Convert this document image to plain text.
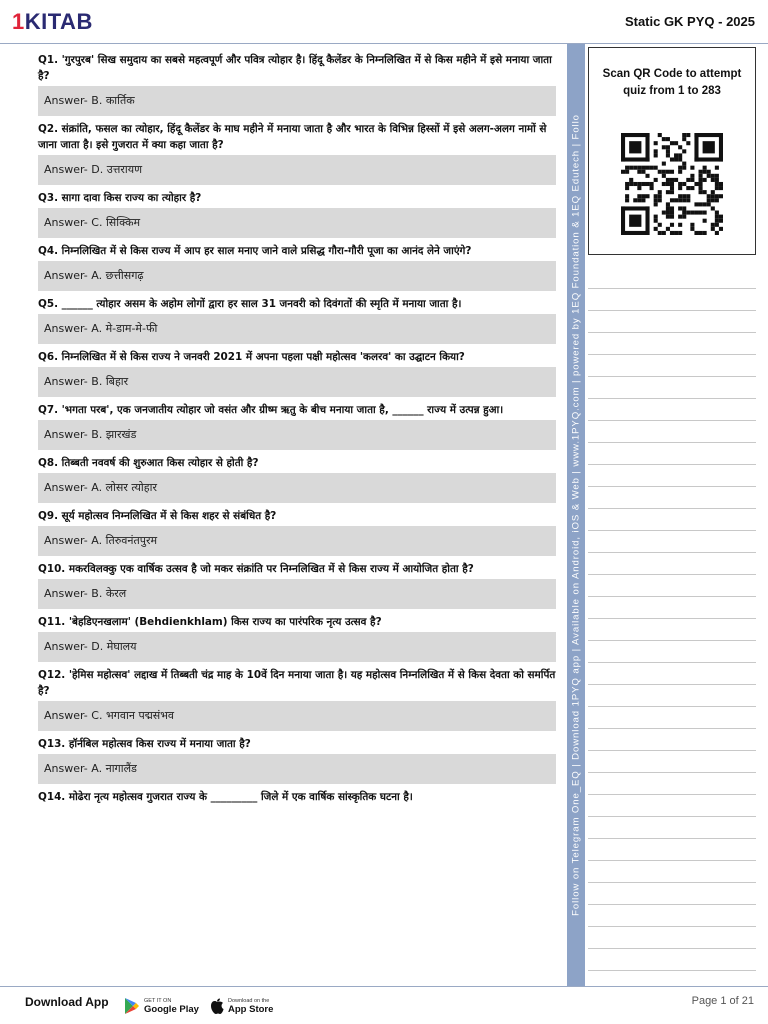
1KITAB	Static GK PYQ - 2025
Q1. 'गुरपुरब' सिख समुदाय का सबसे महत्वपूर्ण और पवित्र त्योहार है। हिंदू कैलेंडर के निम्नलिखित में से किस महीने में इसे मनाया जाता है?
Answer- B. कार्तिक
Q2. संक्रांति, फसल का त्योहार, हिंदू कैलेंडर के माघ महीने में मनाया जाता है और भारत के विभिन्न हिस्सों में इसे अलग-अलग नामों से जाना जाता है। इसे गुजरात में क्या कहा जाता है?
Answer- D. उत्तरायण
Q3. सागा दावा किस राज्य का त्योहार है?
Answer- C. सिक्किम
Q4. निम्नलिखित में से किस राज्य में आप हर साल मनाए जाने वाले प्रसिद्ध गौरा-गौरी पूजा का आनंद लेने जाएंगे?
Answer- A. छत्तीसगढ़
Q5. ______ त्योहार असम के अहोम लोगों द्वारा हर साल 31 जनवरी को दिवंगतों की स्मृति में मनाया जाता है।
Answer- A. मे-डाम-मे-फी
Q6. निम्नलिखित में से किस राज्य ने जनवरी 2021 में अपना पहला पक्षी महोत्सव 'कलरव' का उद्घाटन किया?
Answer- B. बिहार
Q7. 'भगता परब', एक जनजातीय त्योहार जो वसंत और ग्रीष्म ऋतु के बीच मनाया जाता है, ______ राज्य में उत्पन्न हुआ।
Answer- B. झारखंड
Q8. तिब्बती नववर्ष की शुरुआत किस त्योहार से होती है?
Answer- A. लोसर त्योहार
Q9. सूर्य महोत्सव निम्नलिखित में से किस शहर से संबंधित है?
Answer- A. तिरुवनंतपुरम
Q10. मकरविलक्कु एक वार्षिक उत्सव है जो मकर संक्रांति पर निम्नलिखित में से किस राज्य में आयोजित होता है?
Answer- B. केरल
Q11. 'बेहडिएनखलाम' (Behdienkhlam) किस राज्य का पारंपरिक नृत्य उत्सव है?
Answer- D. मेघालय
Q12. 'हेमिस महोत्सव' लद्दाख में तिब्बती चंद्र माह के 10वें दिन मनाया जाता है। यह महोत्सव निम्नलिखित में से किस देवता को समर्पित है?
Answer- C. भगवान पद्मसंभव
Q13. हॉर्नबिल महोत्सव किस राज्य में मनाया जाता है?
Answer- A. नागालैंड
Q14. मोढेरा नृत्य महोत्सव गुजरात राज्य के _________ जिले में एक वार्षिक सांस्कृतिक घटना है।	Follow on Telegram One_EQ | Download 1PYQ app | Available on Android, iOS & Web | www.1PYQ.com | powered by 1EQ Foundation & 1EQ Edutech | Follo
Scan QR Code to attempt quiz from 1 to 283
Download App	GET IT ON
Google Play
Download on the
App Store
Page 1 of 21
